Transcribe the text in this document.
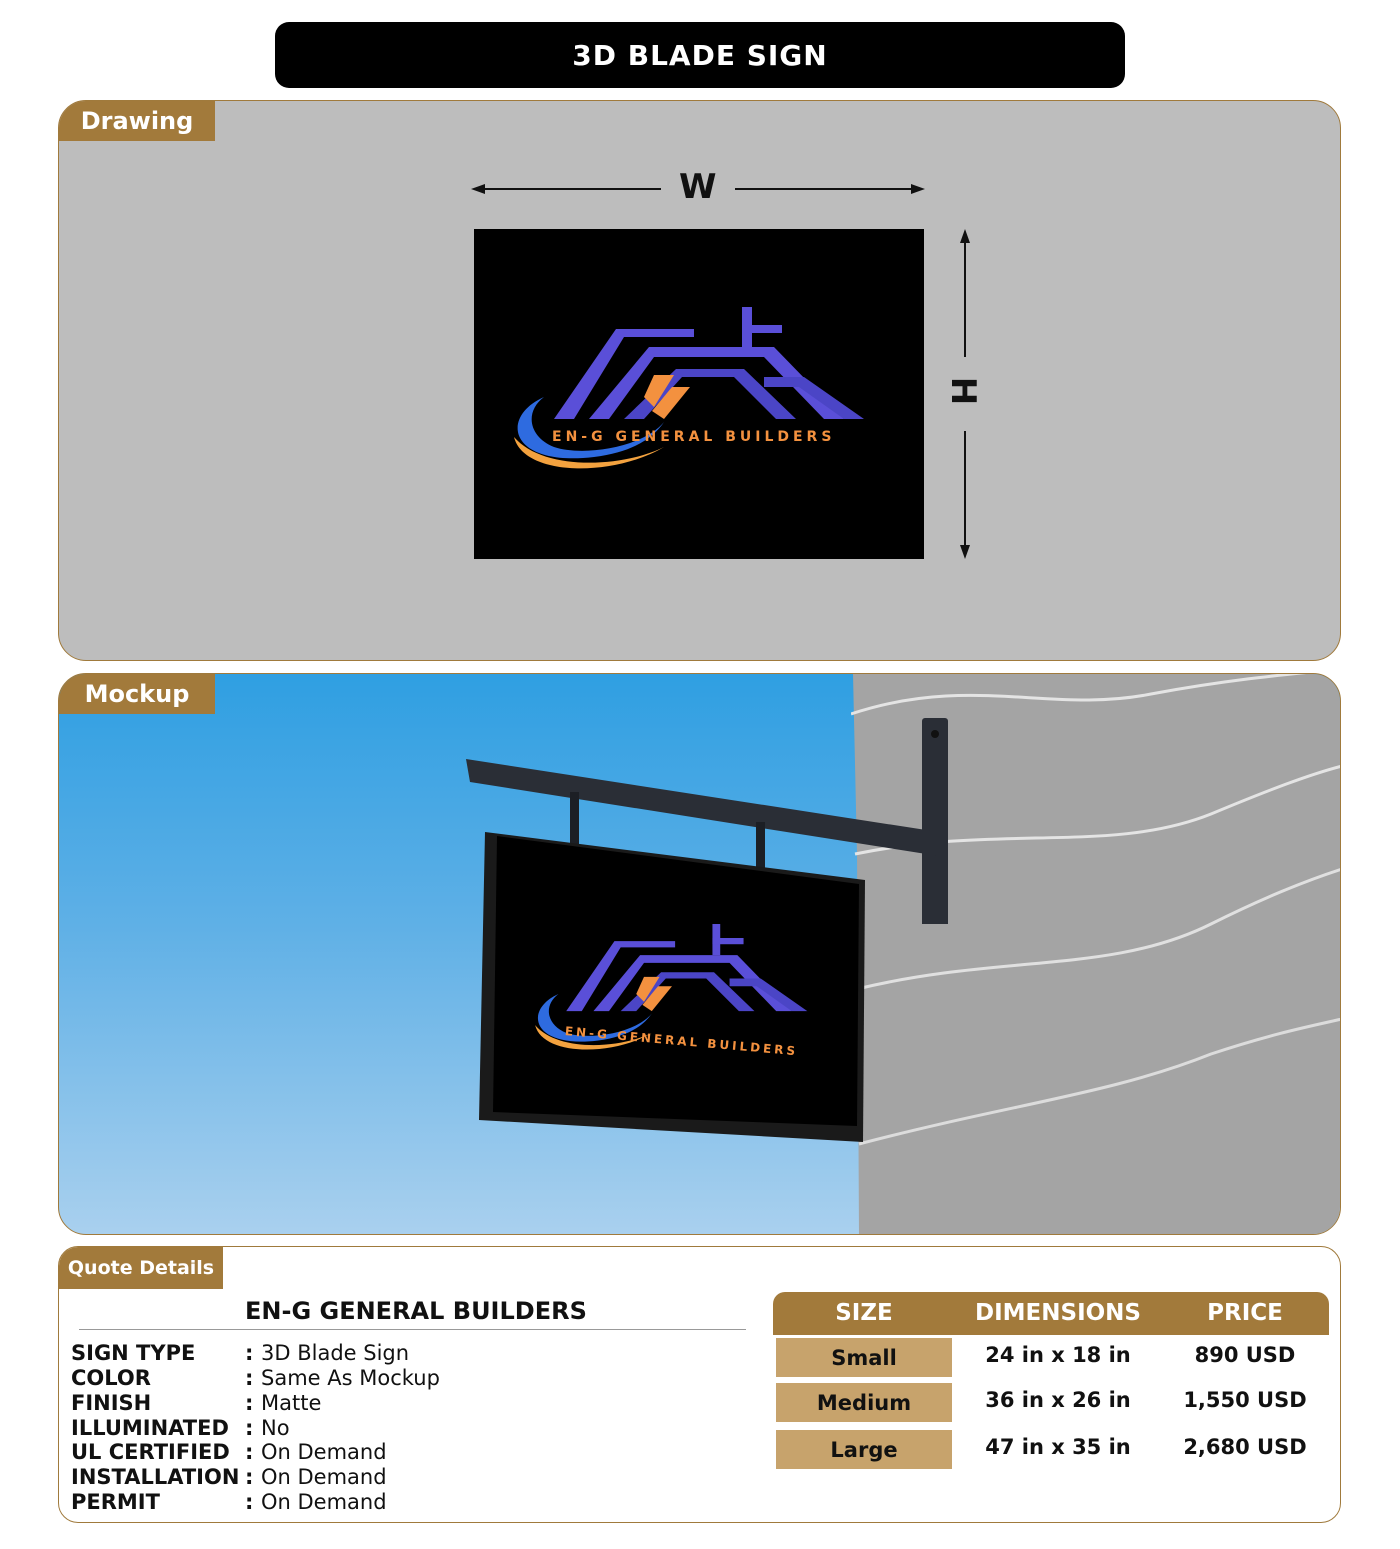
3D BLADE SIGN
Drawing
W
H
EN-G GENERAL BUILDERS
Mockup
EN-G GENERAL BUILDERS
Quote Details
EN-G GENERAL BUILDERS
SIGN TYPE : 3D Blade Sign
COLOR	: Same As Mockup
FINISH	: Matte
ILLUMINATED : No
UL CERTIFIED : On Demand
INSTALLATION : On Demand
PERMIT	: On Demand
SIZE	DIMENSIONS	PRICE
Small	24 in x 18 in	890 USD
Medium	36 in x 26 in	1,550 USD
Large	47 in x 35 in	2,680 USD
